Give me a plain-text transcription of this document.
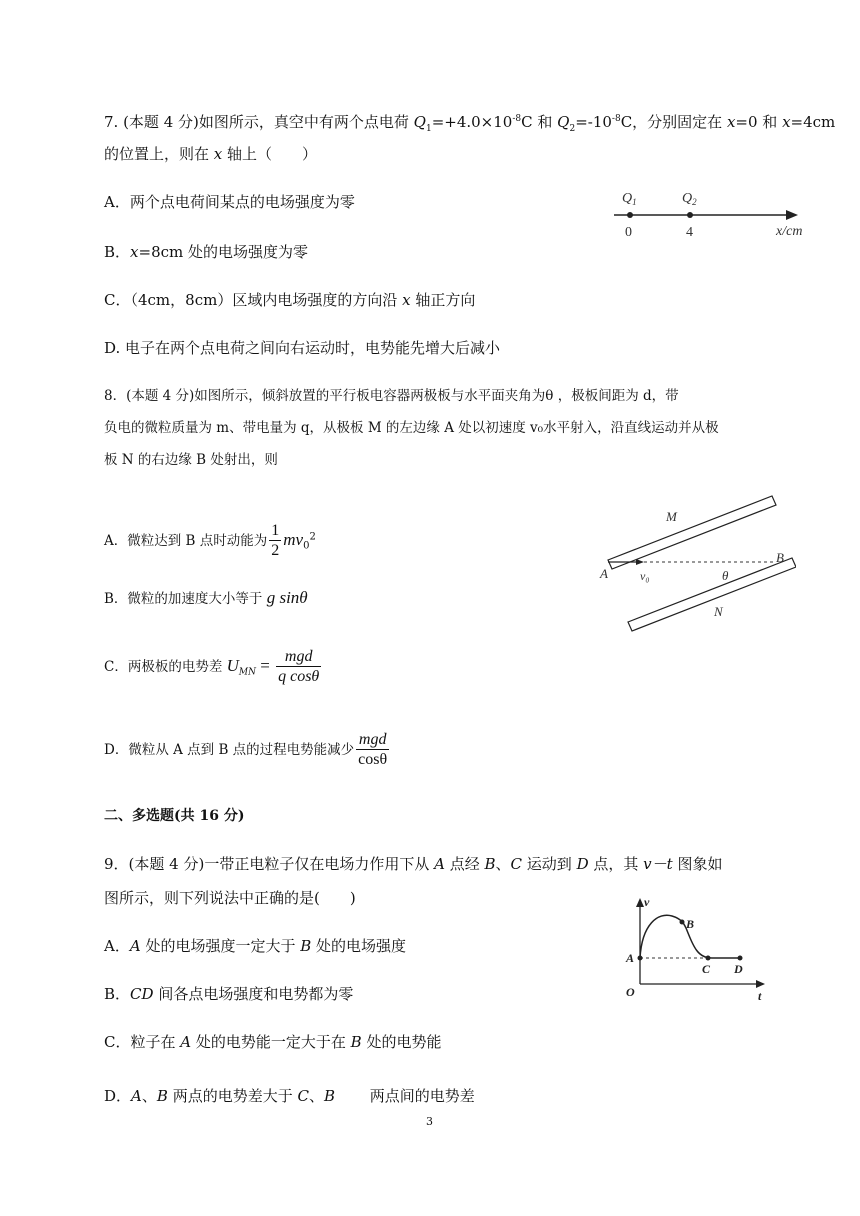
7. (本题 4 分)如图所示，真空中有两个点电荷 $Q_1=+4.0\times 10^{-8}C$ 和 $Q_2=-10^{-8}C$，分别固定在 x=0 和 x=4cm
的位置上，则在 x 轴上（　　）
A．两个点电荷间某点的电场强度为零
B．x=8cm 处的电场强度为零
C．（4cm，8cm）区域内电场强度的方向沿 x 轴正方向
D. 电子在两个点电荷之间向右运动时，电势能先增大后减小
$Q_1$	$Q_2$
0	4	x/cm
8．(本题 4 分)如图所示，倾斜放置的平行板电容器两极板与水平面夹角为θ ，极板间距为 d，带
负电的微粒质量为 m、带电量为 q，从极板 M 的左边缘 A 处以初速度 v₀水平射入，沿直线运动并从极
板 N 的右边缘 B 处射出，则
A．微粒达到 B 点时动能为 $\frac{1}{2} mv_0^2$
B．微粒的加速度大小等于 g sinθ
C．两极板的电势差 $U_{MN} = \frac{\text{mgd}}{\text{q cosθ}}$
D．微粒从 A 点到 B 点的过程电势能减少 $\frac{\text{mgd}}{\cos\theta}$
A	v₀
B
θ
M
N
二、多选题(共 16 分)
9．(本题 4 分)一带正电粒子仅在电场力作用下从 A 点经 B、C 运动到 D 点，其 v－t 图象如
图所示，则下列说法中正确的是(　　)
A．A 处的电场强度一定大于 B 处的电场强度
B．CD 间各点电场强度和电势都为零
C．粒子在 A 处的电势能一定大于在 B 处的电势能
D．A、B 两点的电势差大于 C、B 　　两点间的电势差
v
t
O
A
B
C D
3
